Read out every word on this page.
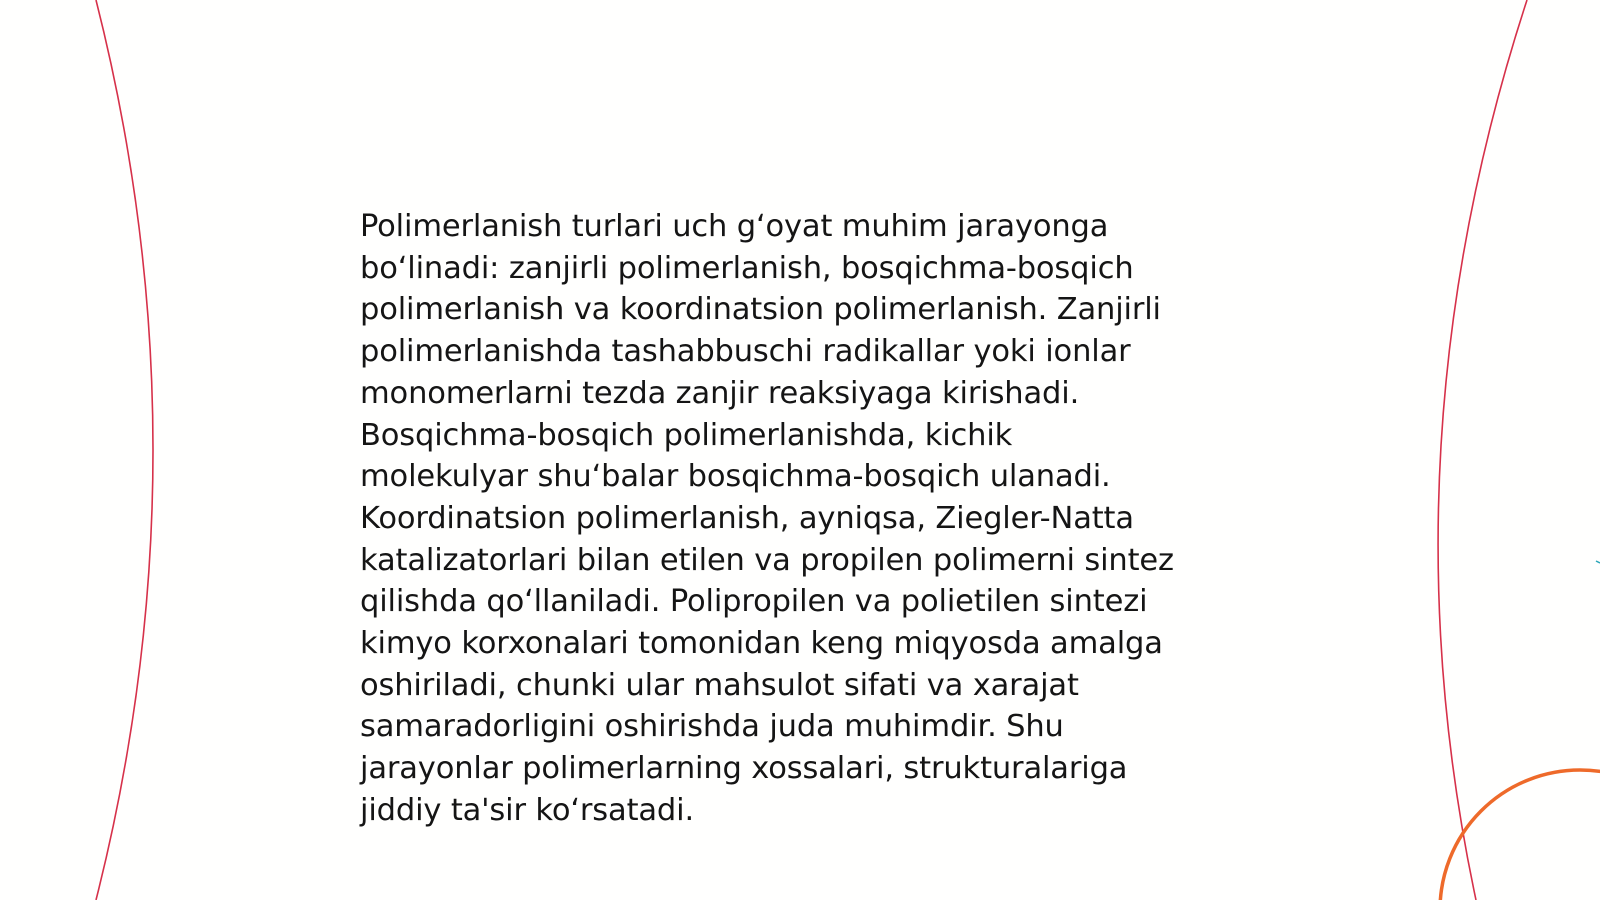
Polimerlanish turlari uch gʻoyat muhim jarayonga
boʻlinadi: zanjirli polimerlanish, bosqichma-bosqich
polimerlanish va koordinatsion polimerlanish. Zanjirli
polimerlanishda tashabbuschi radikallar yoki ionlar
monomerlarni tezda zanjir reaksiyaga kirishadi.
Bosqichma-bosqich polimerlanishda, kichik
molekulyar shuʻbalar bosqichma-bosqich ulanadi.
Koordinatsion polimerlanish, ayniqsa, Ziegler-Natta
katalizatorlari bilan etilen va propilen polimerni sintez
qilishda qoʻllaniladi. Polipropilen va polietilen sintezi
kimyo korxonalari tomonidan keng miqyosda amalga
oshiriladi, chunki ular mahsulot sifati va xarajat
samaradorligini oshirishda juda muhimdir. Shu
jarayonlar polimerlarning xossalari, strukturalariga
jiddiy ta'sir koʻrsatadi.
